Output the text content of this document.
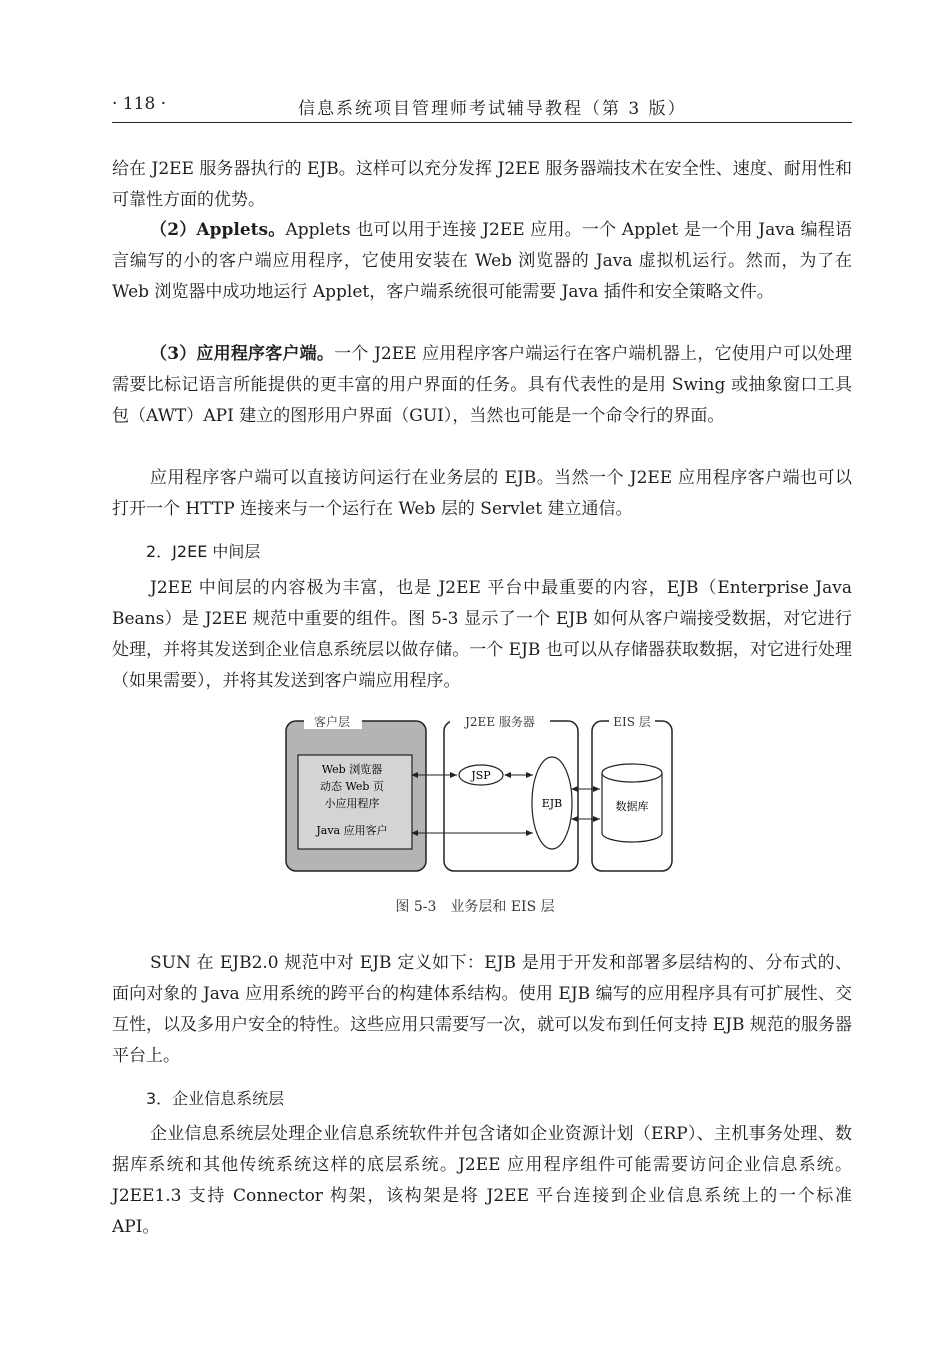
· 118 ·	信息系统项目管理师考试辅导教程（第 3 版）

给在 J2EE 服务器执行的 EJB。这样可以充分发挥 J2EE 服务器端技术在安全性、速度、耐用性和可靠性方面的优势。

（2）Applets。Applets 也可以用于连接 J2EE 应用。一个 Applet 是一个用 Java 编程语言编写的小的客户端应用程序，它使用安装在 Web 浏览器的 Java 虚拟机运行。然而，为了在 Web 浏览器中成功地运行 Applet，客户端系统很可能需要 Java 插件和安全策略文件。

（3）应用程序客户端。一个 J2EE 应用程序客户端运行在客户端机器上，它使用户可以处理需要比标记语言所能提供的更丰富的用户界面的任务。具有代表性的是用 Swing 或抽象窗口工具包（AWT）API 建立的图形用户界面（GUI），当然也可能是一个命令行的界面。

应用程序客户端可以直接访问运行在业务层的 EJB。当然一个 J2EE 应用程序客户端也可以打开一个 HTTP 连接来与一个运行在 Web 层的 Servlet 建立通信。

2．J2EE 中间层

J2EE 中间层的内容极为丰富，也是 J2EE 平台中最重要的内容，EJB（Enterprise Java Beans）是 J2EE 规范中重要的组件。图 5-3 显示了一个 EJB 如何从客户端接受数据，对它进行处理，并将其发送到企业信息系统层以做存储。一个 EJB 也可以从存储器获取数据，对它进行处理（如果需要），并将其发送到客户端应用程序。

客户层
Web 浏览器
动态 Web 页
小应用程序
Java 应用客户
J2EE 服务器
JSP
EJB
EIS 层
数据库
图 5-3　业务层和 EIS 层

SUN 在 EJB2.0 规范中对 EJB 定义如下：EJB 是用于开发和部署多层结构的、分布式的、面向对象的 Java 应用系统的跨平台的构建体系结构。使用 EJB 编写的应用程序具有可扩展性、交互性，以及多用户安全的特性。这些应用只需要写一次，就可以发布到任何支持 EJB 规范的服务器平台上。

3．企业信息系统层

企业信息系统层处理企业信息系统软件并包含诸如企业资源计划（ERP）、主机事务处理、数据库系统和其他传统系统这样的底层系统。J2EE 应用程序组件可能需要访问企业信息系统。J2EE1.3 支持 Connector 构架，该构架是将 J2EE 平台连接到企业信息系统上的一个标准 API。
